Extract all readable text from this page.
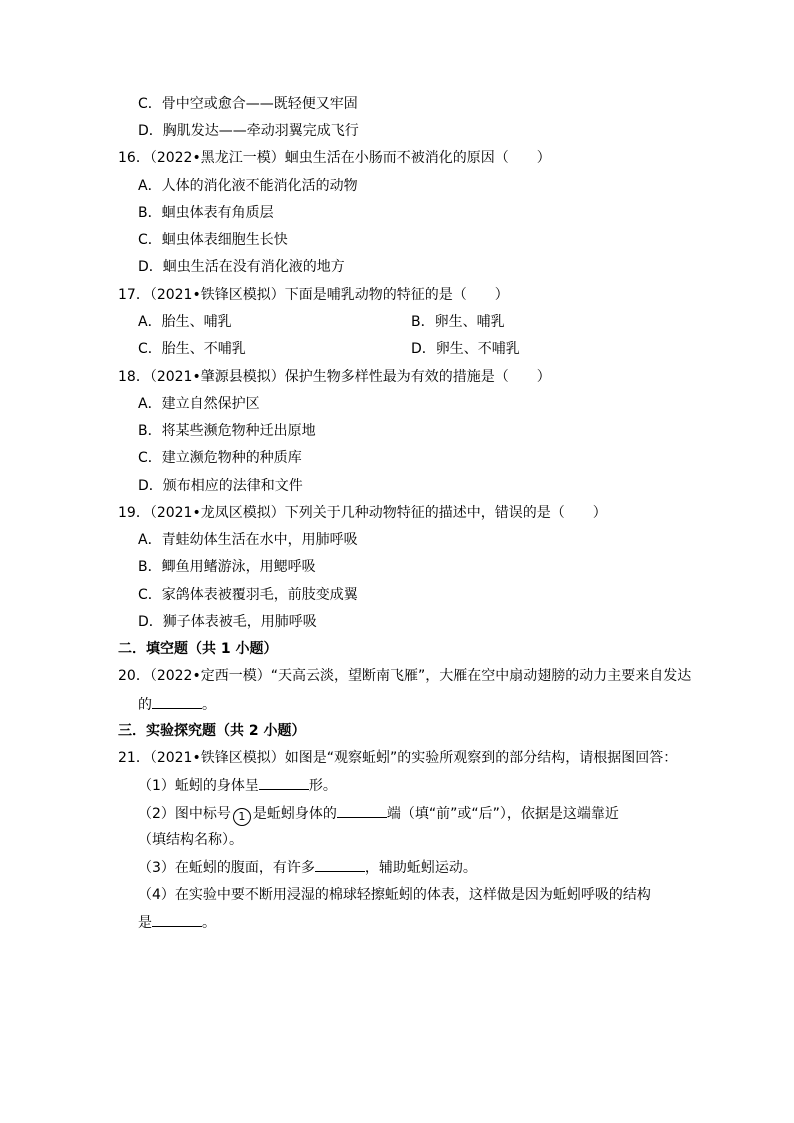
C．骨中空或愈合——既轻便又牢固
D．胸肌发达——牵动羽翼完成飞行
16．（2022•黑龙江一模）蛔虫生活在小肠而不被消化的原因（　　）
A．人体的消化液不能消化活的动物
B．蛔虫体表有角质层
C．蛔虫体表细胞生长快
D．蛔虫生活在没有消化液的地方
17．（2021•铁锋区模拟）下面是哺乳动物的特征的是（　　）
A．胎生、哺乳	B．卵生、哺乳
C．胎生、不哺乳	D．卵生、不哺乳
18．（2021•肇源县模拟）保护生物多样性最为有效的措施是（　　）
A．建立自然保护区
B．将某些濒危物种迁出原地
C．建立濒危物种的种质库
D．颁布相应的法律和文件
19．（2021•龙凤区模拟）下列关于几种动物特征的描述中，错误的是（　　）
A．青蛙幼体生活在水中，用肺呼吸
B．鲫鱼用鳍游泳，用鳃呼吸
C．家鸽体表被覆羽毛，前肢变成翼
D．狮子体表被毛，用肺呼吸
二．填空题（共 1 小题）
20．（2022•定西一模）“天高云淡，望断南飞雁”，大雁在空中扇动翅膀的动力主要来自发达
的	。
三．实验探究题（共 2 小题）
21．（2021•铁锋区模拟）如图是“观察蚯蚓”的实验所观察到的部分结构，请根据图回答：
（1）蚯蚓的身体呈	形。
（2）图中标号 1 是蚯蚓身体的	端（填“前”或“后”），依据是这端靠近
（填结构名称）。
（3）在蚯蚓的腹面，有许多	，辅助蚯蚓运动。
（4）在实验中要不断用浸湿的棉球轻擦蚯蚓的体表，这样做是因为蚯蚓呼吸的结构
是	。
